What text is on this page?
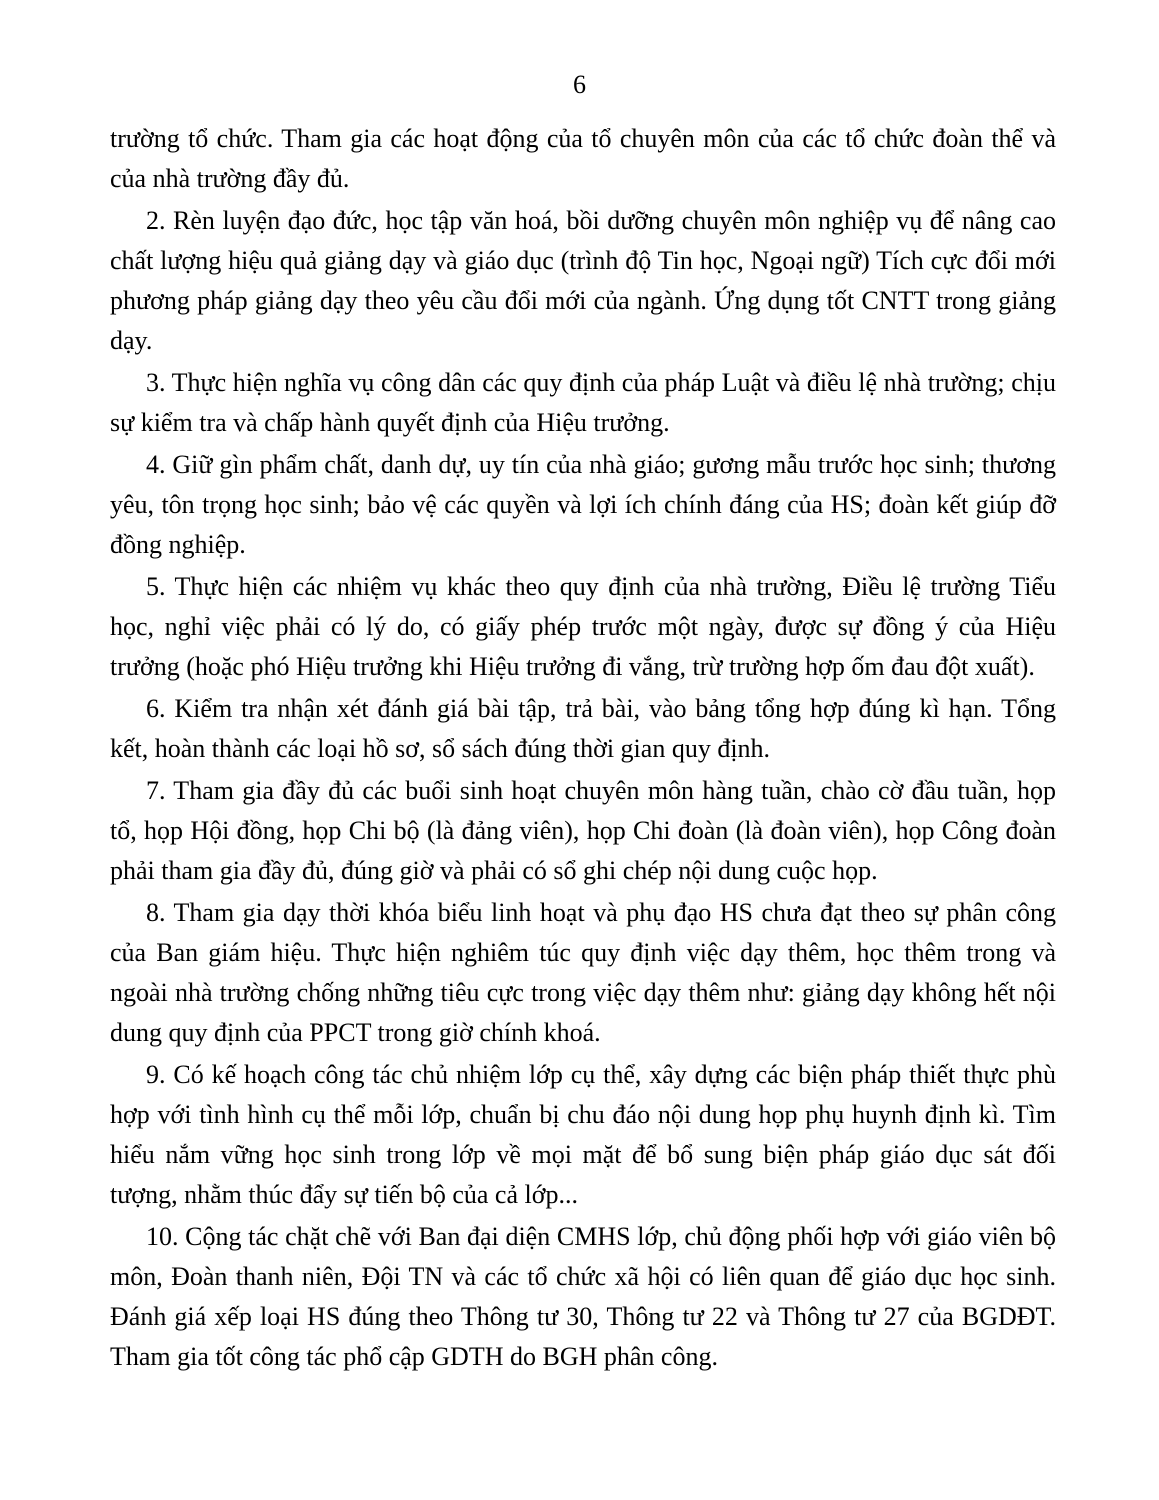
6

trường tổ chức. Tham gia các hoạt động của tổ chuyên môn của các tổ chức đoàn thể và của nhà trường đầy đủ.

2. Rèn luyện đạo đức, học tập văn hoá, bồi dưỡng chuyên môn nghiệp vụ để nâng cao chất lượng hiệu quả giảng dạy và giáo dục (trình độ Tin học, Ngoại ngữ) Tích cực đổi mới phương pháp giảng dạy theo yêu cầu đổi mới của ngành. Ứng dụng tốt CNTT trong giảng dạy.

3. Thực hiện nghĩa vụ công dân các quy định của pháp Luật và điều lệ nhà trường; chịu sự kiểm tra và chấp hành quyết định của Hiệu trưởng.

4. Giữ gìn phẩm chất, danh dự, uy tín của nhà giáo; gương mẫu trước học sinh; thương yêu, tôn trọng học sinh; bảo vệ các quyền và lợi ích chính đáng của HS; đoàn kết giúp đỡ đồng nghiệp.

5. Thực hiện các nhiệm vụ khác theo quy định của nhà trường, Điều lệ trường Tiểu học, nghỉ việc phải có lý do, có giấy phép trước một ngày, được sự đồng ý của Hiệu trưởng (hoặc phó Hiệu trưởng khi Hiệu trưởng đi vắng, trừ trường hợp ốm đau đột xuất).

6. Kiểm tra nhận xét đánh giá bài tập, trả bài, vào bảng tổng hợp đúng kì hạn. Tổng kết, hoàn thành các loại hồ sơ, sổ sách đúng thời gian quy định.

7. Tham gia đầy đủ các buổi sinh hoạt chuyên môn hàng tuần, chào cờ đầu tuần, họp tổ, họp Hội đồng, họp Chi bộ (là đảng viên), họp Chi đoàn (là đoàn viên), họp Công đoàn phải tham gia đầy đủ, đúng giờ và phải có sổ ghi chép nội dung cuộc họp.

8. Tham gia dạy thời khóa biểu linh hoạt và phụ đạo HS chưa đạt theo sự phân công của Ban giám hiệu. Thực hiện nghiêm túc quy định việc dạy thêm, học thêm trong và ngoài nhà trường chống những tiêu cực trong việc dạy thêm như: giảng dạy không hết nội dung quy định của PPCT trong giờ chính khoá.

9. Có kế hoạch công tác chủ nhiệm lớp cụ thể, xây dựng các biện pháp thiết thực phù hợp với tình hình cụ thể mỗi lớp, chuẩn bị chu đáo nội dung họp phụ huynh định kì. Tìm hiểu nắm vững học sinh trong lớp về mọi mặt để bổ sung biện pháp giáo dục sát đối tượng, nhằm thúc đẩy sự tiến bộ của cả lớp...

10. Cộng tác chặt chẽ với Ban đại diện CMHS lớp, chủ động phối hợp với giáo viên bộ môn, Đoàn thanh niên, Đội TN và các tổ chức xã hội có liên quan để giáo dục học sinh. Đánh giá xếp loại HS đúng theo Thông tư 30, Thông tư 22 và Thông tư 27 của BGDĐT. Tham gia tốt công tác phổ cập GDTH do BGH phân công.
